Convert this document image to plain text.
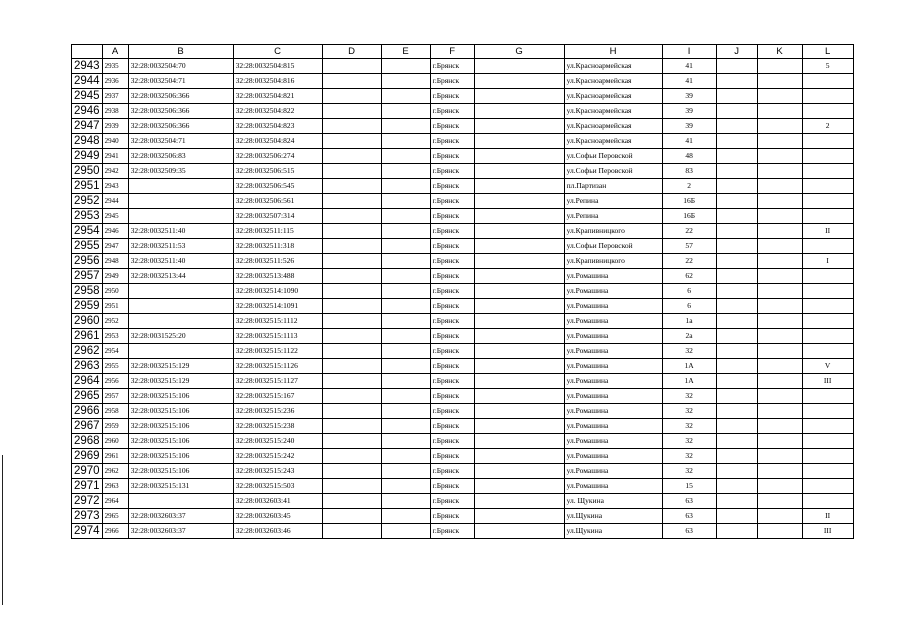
	A	B	C	D	E	F	G	H	I	J	K	L
2943	2935	32:28:0032504:70	32:28:0032504:815			г.Брянск		ул.Красноармейская	41			5
2944	2936	32:28:0032504:71	32:28:0032504:816			г.Брянск		ул.Красноармейская	41			
2945	2937	32:28:0032506:366	32:28:0032504:821			г.Брянск		ул.Красноармейская	39			
2946	2938	32:28:0032506:366	32:28:0032504:822			г.Брянск		ул.Красноармейская	39			
2947	2939	32:28:0032506:366	32:28:0032504:823			г.Брянск		ул.Красноармейская	39			2
2948	2940	32:28:0032504:71	32:28:0032504:824			г.Брянск		ул.Красноармейская	41			
2949	2941	32:28:0032506:83	32:28:0032506:274			г.Брянск		ул.Софьи Перовской	48			
2950	2942	32:28:0032509:35	32:28:0032506:515			г.Брянск		ул.Софьи Перовской	83			
2951	2943		32:28:0032506:545			г.Брянск		пл.Партизан	2			
2952	2944		32:28:0032506:561			г.Брянск		ул.Репина	16Б			
2953	2945		32:28:0032507:314			г.Брянск		ул.Репина	16Б			
2954	2946	32:28:0032511:40	32:28:0032511:115			г.Брянск		ул.Крапивницкого	22			II
2955	2947	32:28:0032511:53	32:28:0032511:318			г.Брянск		ул.Софьи Перовской	57			
2956	2948	32:28:0032511:40	32:28:0032511:526			г.Брянск		ул.Крапивницкого	22			I
2957	2949	32:28:0032513:44	32:28:0032513:488			г.Брянск		ул.Ромашина	62			
2958	2950		32:28:0032514:1090			г.Брянск		ул.Ромашина	6			
2959	2951		32:28:0032514:1091			г.Брянск		ул.Ромашина	6			
2960	2952		32:28:0032515:1112			г.Брянск		ул.Ромашина	1а			
2961	2953	32:28:0031525:20	32:28:0032515:1113			г.Брянск		ул.Ромашина	2а			
2962	2954		32:28:0032515:1122			г.Брянск		ул.Ромашина	32			
2963	2955	32:28:0032515:129	32:28:0032515:1126			г.Брянск		ул.Ромашина	1А			V
2964	2956	32:28:0032515:129	32:28:0032515:1127			г.Брянск		ул.Ромашина	1А			III
2965	2957	32:28:0032515:106	32:28:0032515:167			г.Брянск		ул.Ромашина	32			
2966	2958	32:28:0032515:106	32:28:0032515:236			г.Брянск		ул.Ромашина	32			
2967	2959	32:28:0032515:106	32:28:0032515:238			г.Брянск		ул.Ромашина	32			
2968	2960	32:28:0032515:106	32:28:0032515:240			г.Брянск		ул.Ромашина	32			
2969	2961	32:28:0032515:106	32:28:0032515:242			г.Брянск		ул.Ромашина	32			
2970	2962	32:28:0032515:106	32:28:0032515:243			г.Брянск		ул.Ромашина	32			
2971	2963	32:28:0032515:131	32:28:0032515:503			г.Брянск		ул.Ромашина	15			
2972	2964		32:28:0032603:41			г.Брянск		ул. Щукина	63			
2973	2965	32:28:0032603:37	32:28:0032603:45			г.Брянск		ул.Щукина	63			II
2974	2966	32:28:0032603:37	32:28:0032603:46			г.Брянск		ул.Щукина	63			III
